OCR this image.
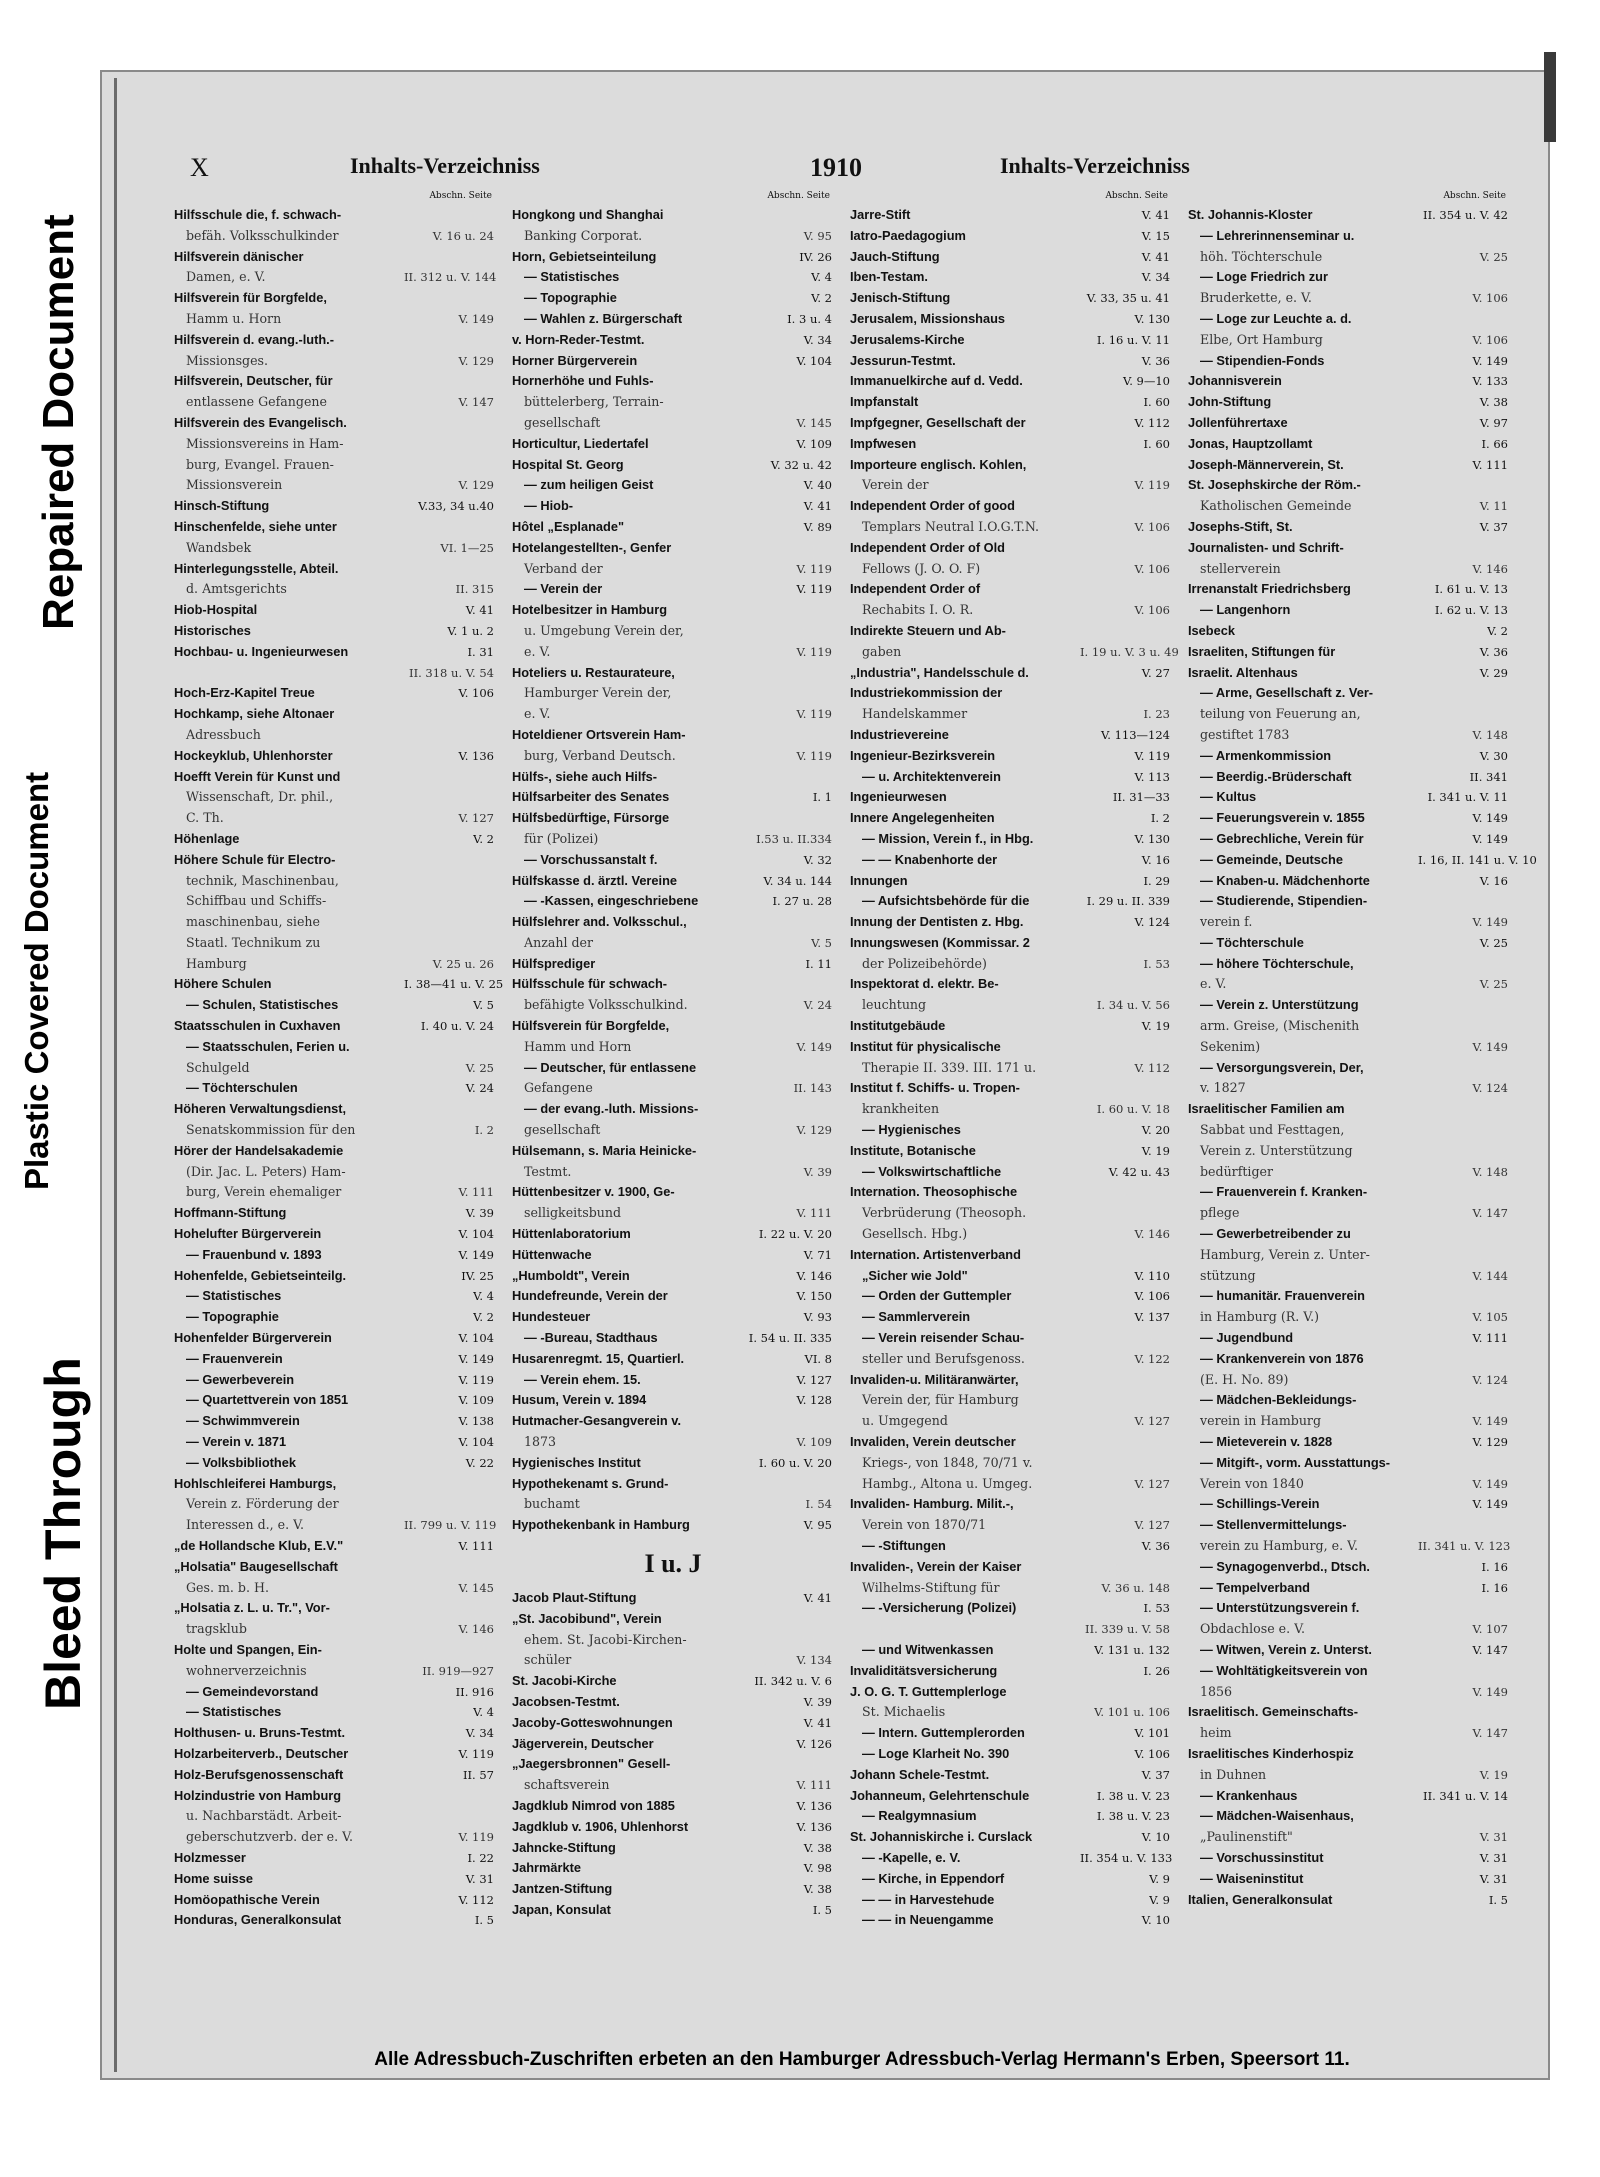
Repaired Document
Plastic Covered Document
Bleed Through
X	Inhalts-Verzeichniss	1910	Inhalts-Verzeichniss
Abschn. Seite
Hilfsschule die, f. schwach-
befäh. Volksschulkinder	V. 16 u. 24
Hilfsverein dänischer
Damen, e. V.	II. 312 u. V. 144
Hilfsverein für Borgfelde,
Hamm u. Horn	V. 149
Hilfsverein d. evang.-luth.-
Missionsges.	V. 129
Hilfsverein, Deutscher, für
entlassene Gefangene	V. 147
Hilfsverein des Evangelisch.
Missionsvereins in Ham-
burg, Evangel. Frauen-
Missionsverein	V. 129
Hinsch-Stiftung	V.33, 34 u.40
Hinschenfelde, siehe unter
Wandsbek	VI. 1—25
Hinterlegungsstelle, Abteil.
d. Amtsgerichts	II. 315
Hiob-Hospital	V. 41
Historisches	V. 1 u. 2
Hochbau- u. Ingenieurwesen	I. 31
II. 318 u. V. 54
Hoch-Erz-Kapitel Treue	V. 106
Hochkamp, siehe Altonaer
Adressbuch
Hockeyklub, Uhlenhorster	V. 136
Hoefft Verein für Kunst und
Wissenschaft, Dr. phil.,
C. Th.	V. 127
Höhenlage	V. 2
Höhere Schule für Electro-
technik, Maschinenbau,
Schiffbau und Schiffs-
maschinenbau, siehe
Staatl. Technikum zu
Hamburg	V. 25 u. 26
Höhere Schulen	I. 38—41 u. V. 25
— Schulen, Statistisches	V. 5
Staatsschulen in Cuxhaven	I. 40 u. V. 24
— Staatsschulen, Ferien u.
Schulgeld	V. 25
— Töchterschulen	V. 24
Höheren Verwaltungsdienst,
Senatskommission für den	I. 2
Hörer der Handelsakademie
(Dir. Jac. L. Peters) Ham-
burg, Verein ehemaliger	V. 111
Hoffmann-Stiftung	V. 39
Hohelufter Bürgerverein	V. 104
— Frauenbund v. 1893	V. 149
Hohenfelde, Gebietseinteilg.	IV. 25
— Statistisches	V. 4
— Topographie	V. 2
Hohenfelder Bürgerverein	V. 104
— Frauenverein	V. 149
— Gewerbeverein	V. 119
— Quartettverein von 1851	V. 109
— Schwimmverein	V. 138
— Verein v. 1871	V. 104
— Volksbibliothek	V. 22
Hohlschleiferei Hamburgs,
Verein z. Förderung der
Interessen d., e. V.	II. 799 u. V. 119
„de Hollandsche Klub, E.V."	V. 111
„Holsatia" Baugesellschaft
Ges. m. b. H.	V. 145
„Holsatia z. L. u. Tr.", Vor-
tragsklub	V. 146
Holte und Spangen, Ein-
wohnerverzeichnis	II. 919—927
— Gemeindevorstand	II. 916
— Statistisches	V. 4
Holthusen- u. Bruns-Testmt.	V. 34
Holzarbeiterverb., Deutscher	V. 119
Holz-Berufsgenossenschaft	II. 57
Holzindustrie von Hamburg
u. Nachbarstädt. Arbeit-
geberschutzverb. der e. V.	V. 119
Holzmesser	I. 22
Home suisse	V. 31
Homöopathische Verein	V. 112
Honduras, Generalkonsulat	I. 5
Abschn. Seite
Hongkong und Shanghai
Banking Corporat.	V. 95
Horn, Gebietseinteilung	IV. 26
— Statistisches	V. 4
— Topographie	V. 2
— Wahlen z. Bürgerschaft	I. 3 u. 4
v. Horn-Reder-Testmt.	V. 34
Horner Bürgerverein	V. 104
Hornerhöhe und Fuhls-
büttelerberg, Terrain-
gesellschaft	V. 145
Horticultur, Liedertafel	V. 109
Hospital St. Georg	V. 32 u. 42
— zum heiligen Geist	V. 40
— Hiob-	V. 41
Hôtel „Esplanade"	V. 89
Hotelangestellten-, Genfer
Verband der	V. 119
— Verein der	V. 119
Hotelbesitzer in Hamburg
u. Umgebung Verein der,
e. V.	V. 119
Hoteliers u. Restaurateure,
Hamburger Verein der,
e. V.	V. 119
Hoteldiener Ortsverein Ham-
burg, Verband Deutsch.	V. 119
Hülfs-, siehe auch Hilfs-
Hülfsarbeiter des Senates	I. 1
Hülfsbedürftige, Fürsorge
für (Polizei)	I.53 u. II.334
— Vorschussanstalt f.	V. 32
Hülfskasse d. ärztl. Vereine	V. 34 u. 144
— -Kassen, eingeschriebene	I. 27 u. 28
Hülfslehrer and. Volksschul.,
Anzahl der	V. 5
Hülfsprediger	I. 11
Hülfsschule für schwach-
befähigte Volksschulkind.	V. 24
Hülfsverein für Borgfelde,
Hamm und Horn	V. 149
— Deutscher, für entlassene
Gefangene	II. 143
— der evang.-luth. Missions-
gesellschaft	V. 129
Hülsemann, s. Maria Heinicke-
Testmt.	V. 39
Hüttenbesitzer v. 1900, Ge-
selligkeitsbund	V. 111
Hüttenlaboratorium	I. 22 u. V. 20
Hüttenwache	V. 71
„Humboldt", Verein	V. 146
Hundefreunde, Verein der	V. 150
Hundesteuer	V. 93
— -Bureau, Stadthaus	I. 54 u. II. 335
Husarenregmt. 15, Quartierl.	VI. 8
— Verein ehem. 15.	V. 127
Husum, Verein v. 1894	V. 128
Hutmacher-Gesangverein v.
1873	V. 109
Hygienisches Institut	I. 60 u. V. 20
Hypothekenamt s. Grund-
buchamt	I. 54
Hypothekenbank in Hamburg	V. 95
I u. J
Jacob Plaut-Stiftung	V. 41
„St. Jacobibund", Verein
ehem. St. Jacobi-Kirchen-
schüler	V. 134
St. Jacobi-Kirche	II. 342 u. V. 6
Jacobsen-Testmt.	V. 39
Jacoby-Gotteswohnungen	V. 41
Jägerverein, Deutscher	V. 126
„Jaegersbronnen" Gesell-
schaftsverein	V. 111
Jagdklub Nimrod von 1885	V. 136
Jagdklub v. 1906, Uhlenhorst	V. 136
Jahncke-Stiftung	V. 38
Jahrmärkte	V. 98
Jantzen-Stiftung	V. 38
Japan, Konsulat	I. 5
Abschn. Seite
Jarre-Stift	V. 41
Iatro-Paedagogium	V. 15
Jauch-Stiftung	V. 41
Iben-Testam.	V. 34
Jenisch-Stiftung	V. 33, 35 u. 41
Jerusalem, Missionshaus	V. 130
Jerusalems-Kirche	I. 16 u. V. 11
Jessurun-Testmt.	V. 36
Immanuelkirche auf d. Vedd.	V. 9—10
Impfanstalt	I. 60
Impfgegner, Gesellschaft der	V. 112
Impfwesen	I. 60
Importeure englisch. Kohlen,
Verein der	V. 119
Independent Order of good
Templars Neutral I.O.G.T.N.	V. 106
Independent Order of Old
Fellows (J. O. O. F)	V. 106
Independent Order of
Rechabits I. O. R.	V. 106
Indirekte Steuern und Ab-
gaben	I. 19 u. V. 3 u. 49
„Industria", Handelsschule d.	V. 27
Industriekommission der
Handelskammer	I. 23
Industrievereine	V. 113—124
Ingenieur-Bezirksverein	V. 119
— u. Architektenverein	V. 113
Ingenieurwesen	II. 31—33
Innere Angelegenheiten	I. 2
— Mission, Verein f., in Hbg.	V. 130
— — Knabenhorte der	V. 16
Innungen	I. 29
— Aufsichtsbehörde für die	I. 29 u. II. 339
Innung der Dentisten z. Hbg.	V. 124
Innungswesen (Kommissar. 2
der Polizeibehörde)	I. 53
Inspektorat d. elektr. Be-
leuchtung	I. 34 u. V. 56
Institutgebäude	V. 19
Institut für physicalische
Therapie II. 339. III. 171 u.	V. 112
Institut f. Schiffs- u. Tropen-
krankheiten	I. 60 u. V. 18
— Hygienisches	V. 20
Institute, Botanische	V. 19
— Volkswirtschaftliche	V. 42 u. 43
Internation. Theosophische
Verbrüderung (Theosoph.
Gesellsch. Hbg.)	V. 146
Internation. Artistenverband
„Sicher wie Jold"	V. 110
— Orden der Guttempler	V. 106
— Sammlerverein	V. 137
— Verein reisender Schau-
steller und Berufsgenoss.	V. 122
Invaliden-u. Militäranwärter,
Verein der, für Hamburg
u. Umgegend	V. 127
Invaliden, Verein deutscher
Kriegs-, von 1848, 70/71 v.
Hambg., Altona u. Umgeg.	V. 127
Invaliden- Hamburg. Milit.-,
Verein von 1870/71	V. 127
— -Stiftungen	V. 36
Invaliden-, Verein der Kaiser
Wilhelms-Stiftung für	V. 36 u. 148
— -Versicherung (Polizei)	I. 53
II. 339 u. V. 58
— und Witwenkassen	V. 131 u. 132
Invaliditätsversicherung	I. 26
J. O. G. T. Guttemplerloge
St. Michaelis	V. 101 u. 106
— Intern. Guttemplerorden	V. 101
— Loge Klarheit No. 390	V. 106
Johann Schele-Testmt.	V. 37
Johanneum, Gelehrtenschule	I. 38 u. V. 23
— Realgymnasium	I. 38 u. V. 23
St. Johanniskirche i. Curslack	V. 10
— -Kapelle, e. V.	II. 354 u. V. 133
— Kirche, in Eppendorf	V. 9
— — in Harvestehude	V. 9
— — in Neuengamme	V. 10
Abschn. Seite
St. Johannis-Kloster	II. 354 u. V. 42
— Lehrerinnenseminar u.
höh. Töchterschule	V. 25
— Loge Friedrich zur
Bruderkette, e. V.	V. 106
— Loge zur Leuchte a. d.
Elbe, Ort Hamburg	V. 106
— Stipendien-Fonds	V. 149
Johannisverein	V. 133
John-Stiftung	V. 38
Jollenführertaxe	V. 97
Jonas, Hauptzollamt	I. 66
Joseph-Männerverein, St.	V. 111
St. Josephskirche der Röm.-
Katholischen Gemeinde	V. 11
Josephs-Stift, St.	V. 37
Journalisten- und Schrift-
stellerverein	V. 146
Irrenanstalt Friedrichsberg	I. 61 u. V. 13
— Langenhorn	I. 62 u. V. 13
Isebeck	V. 2
Israeliten, Stiftungen für	V. 36
Israelit. Altenhaus	V. 29
— Arme, Gesellschaft z. Ver-
teilung von Feuerung an,
gestiftet 1783	V. 148
— Armenkommission	V. 30
— Beerdig.-Brüderschaft	II. 341
— Kultus	I. 341 u. V. 11
— Feuerungsverein v. 1855	V. 149
— Gebrechliche, Verein für	V. 149
— Gemeinde, Deutsche	I. 16, II. 141 u. V. 10
— Knaben-u. Mädchenhorte	V. 16
— Studierende, Stipendien-
verein f.	V. 149
— Töchterschule	V. 25
— höhere Töchterschule,
e. V.	V. 25
— Verein z. Unterstützung
arm. Greise, (Mischenith
Sekenim)	V. 149
— Versorgungsverein, Der,
v. 1827	V. 124
Israelitischer Familien am
Sabbat und Festtagen,
Verein z. Unterstützung
bedürftiger	V. 148
— Frauenverein f. Kranken-
pflege	V. 147
— Gewerbetreibender zu
Hamburg, Verein z. Unter-
stützung	V. 144
— humanitär. Frauenverein
in Hamburg (R. V.)	V. 105
— Jugendbund	V. 111
— Krankenverein von 1876
(E. H. No. 89)	V. 124
— Mädchen-Bekleidungs-
verein in Hamburg	V. 149
— Mieteverein v. 1828	V. 129
— Mitgift-, vorm. Ausstattungs-
Verein von 1840	V. 149
— Schillings-Verein	V. 149
— Stellenvermittelungs-
verein zu Hamburg, e. V.	II. 341 u. V. 123
— Synagogenverbd., Dtsch.	I. 16
— Tempelverband	I. 16
— Unterstützungsverein f.
Obdachlose e. V.	V. 107
— Witwen, Verein z. Unterst.	V. 147
— Wohltätigkeitsverein von
1856	V. 149
Israelitisch. Gemeinschafts-
heim	V. 147
Israelitisches Kinderhospiz
in Duhnen	V. 19
— Krankenhaus	II. 341 u. V. 14
— Mädchen-Waisenhaus,
„Paulinenstift"	V. 31
— Vorschussinstitut	V. 31
— Waiseninstitut	V. 31
Italien, Generalkonsulat	I. 5
Alle Adressbuch-Zuschriften erbeten an den Hamburger Adressbuch-Verlag Hermann's Erben, Speersort 11.
